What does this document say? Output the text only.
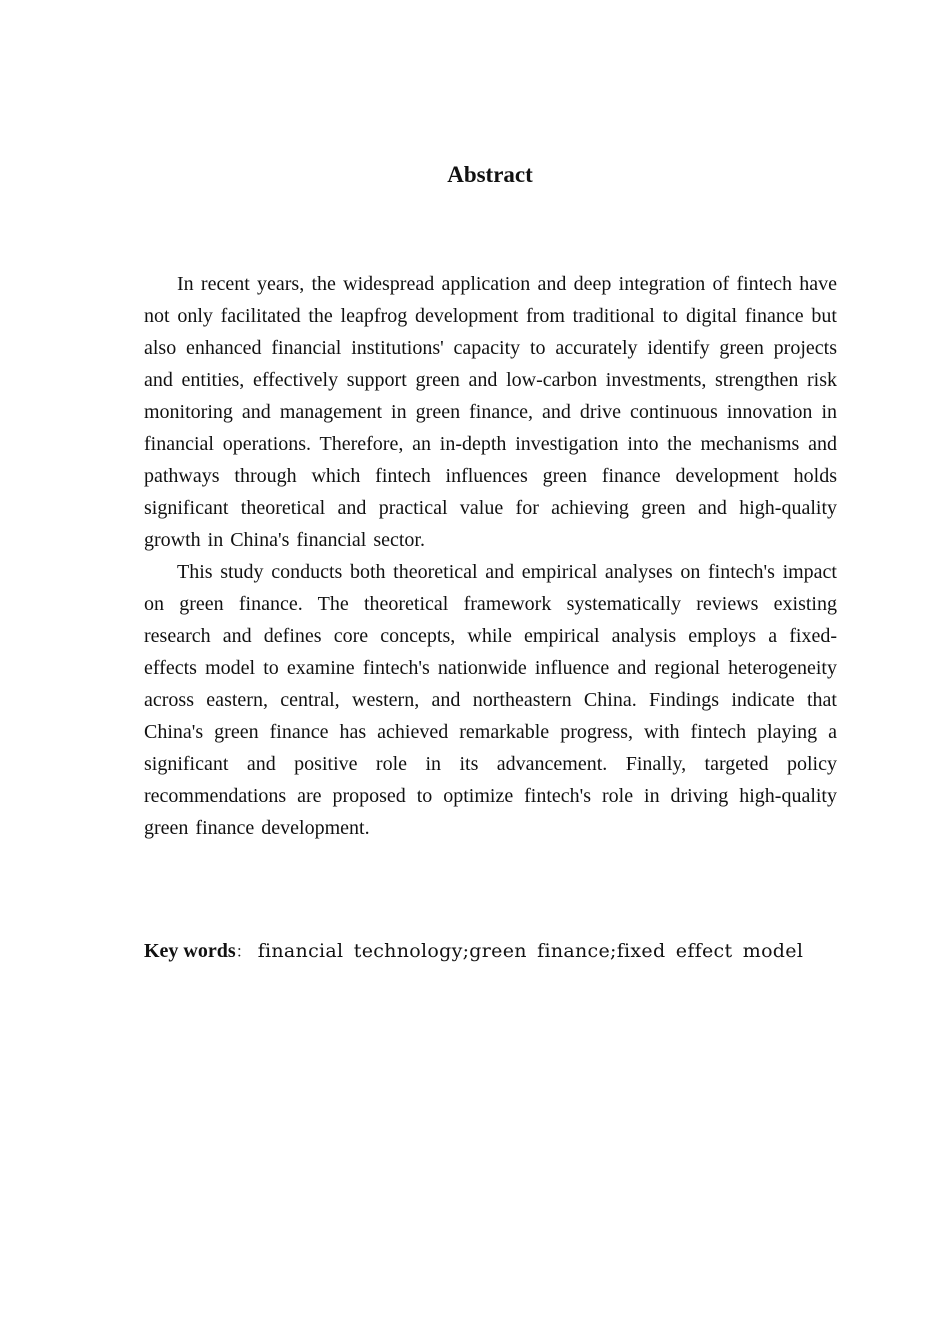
Abstract

In recent years, the widespread application and deep integration of fintech have not only facilitated the leapfrog development from traditional to digital finance but also enhanced financial institutions' capacity to accurately identify green projects and entities, effectively support green and low-carbon investments, strengthen risk monitoring and management in green finance, and drive continuous innovation in financial operations. Therefore, an in-depth investigation into the mechanisms and pathways through which fintech influences green finance development holds significant theoretical and practical value for achieving green and high-quality growth in China's financial sector.

This study conducts both theoretical and empirical analyses on fintech's impact on green finance. The theoretical framework systematically reviews existing research and defines core concepts, while empirical analysis employs a fixed-effects model to examine fintech's nationwide influence and regional heterogeneity across eastern, central, western, and northeastern China. Findings indicate that China's green finance has achieved remarkable progress, with fintech playing a significant and positive role in its advancement. Finally, targeted policy recommendations are proposed to optimize fintech's role in driving high-quality green finance development.

Key words： financial technology;green finance;fixed effect model
